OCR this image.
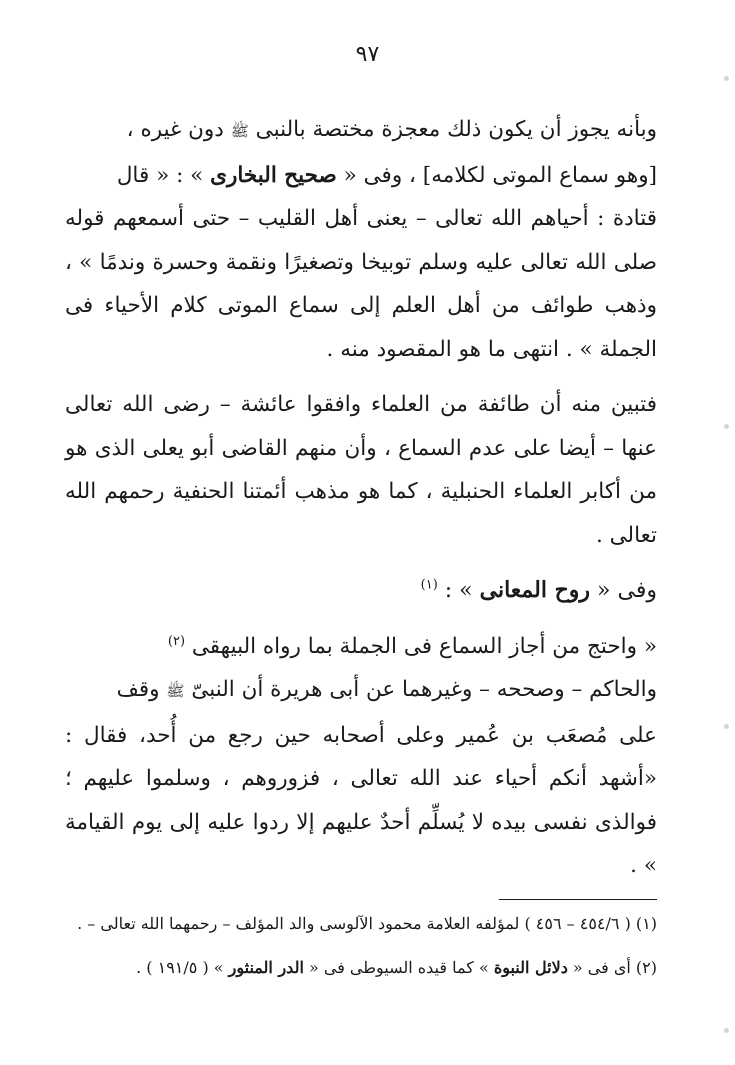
٩٧

وبأنه يجوز أن يكون ذلك معجزة مختصة بالنبى ﷺ دون غيره ،
[وهو سماع الموتى لكلامه] ، وفى « صحيح البخارى » : « قال
قتادة : أحياهم الله تعالى – يعنى أهل القليب – حتى أسمعهم قوله صلى الله تعالى عليه وسلم توبيخا وتصغيرًا ونقمة وحسرة وندمًا » ، وذهب طوائف من أهل العلم إلى سماع الموتى كلام الأحياء فى الجملة » . انتهى ما هو المقصود منه .

فتبين منه أن طائفة من العلماء وافقوا عائشة – رضى الله تعالى عنها – أيضا على عدم السماع ، وأن منهم القاضى أبو يعلى الذى هو من أكابر العلماء الحنبلية ، كما هو مذهب أئمتنا الحنفية رحمهم الله تعالى .

وفى « روح المعانى » : $^{(١)}$

« واحتج من أجاز السماع فى الجملة بما رواه البيهقى $^{(٢)}$
والحاكم – وصححه – وغيرهما عن أبى هريرة أن النبىّ ﷺ وقف
على مُصعَب بن عُمير وعلى أصحابه حين رجع من أُحد، فقال : «أشهد أنكم أحياء عند الله تعالى ، فزوروهم ، وسلموا عليهم ؛ فوالذى نفسى بيده لا يُسلِّم أحدٌ عليهم إلا ردوا عليه إلى يوم القيامة » .

(١) ( ٤٥٤/٦ – ٤٥٦ ) لمؤلفه العلامة محمود الآلوسى والد المؤلف – رحمهما الله تعالى – .

(٢) أى فى « دلائل النبوة » كما قيده السيوطى فى « الدر المنثور » ( ١٩١/٥ ) .
